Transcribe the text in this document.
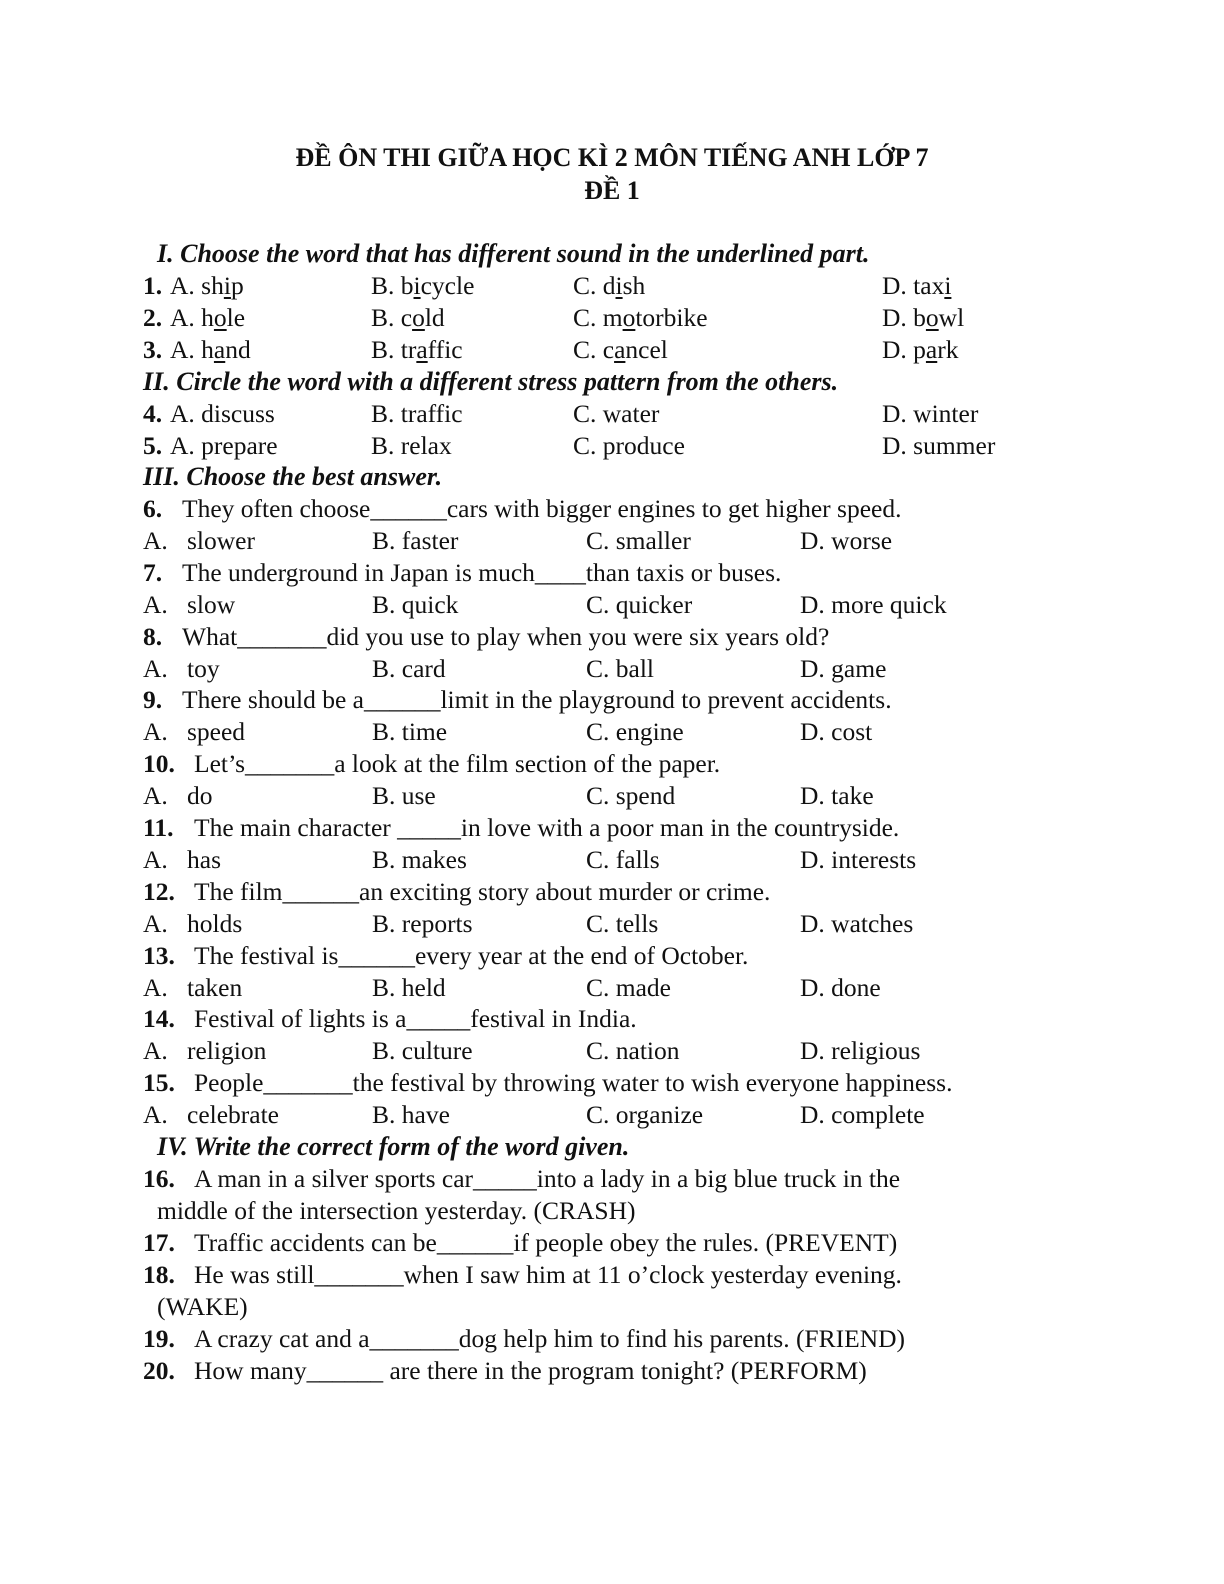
ĐỀ ÔN THI GIỮA HỌC KÌ 2 MÔN TIẾNG ANH LỚP 7
ĐỀ 1
I. Choose the word that has different sound in the underlined part.
1. A. ship	B. bicycle	C. dish	D. taxi
2. A. hole	B. cold	C. motorbike	D. bowl
3. A. hand	B. traffic	C. cancel	D. park
II. Circle the word with a different stress pattern from the others.
4. A. discuss	B. traffic	C. water	D. winter
5. A. prepare	B. relax	C. produce	D. summer
III. Choose the best answer.
6. They often choose______cars with bigger engines to get higher speed.
A. slower	B. faster	C. smaller	D. worse
7. The underground in Japan is much____than taxis or buses.
A. slow	B. quick	C. quicker	D. more quick
8. What_______did you use to play when you were six years old?
A. toy	B. card	C. ball	D. game
9. There should be a______limit in the playground to prevent accidents.
A. speed	B. time	C. engine	D. cost
10. Let’s_______a look at the film section of the paper.
A. do	B. use	C. spend	D. take
11. The main character _____in love with a poor man in the countryside.
A. has	B. makes	C. falls	D. interests
12. The film______an exciting story about murder or crime.
A. holds	B. reports	C. tells	D. watches
13. The festival is______every year at the end of October.
A. taken	B. held	C. made	D. done
14. Festival of lights is a_____festival in India.
A. religion	B. culture	C. nation	D. religious
15. People_______the festival by throwing water to wish everyone happiness.
A. celebrate	B. have	C. organize	D. complete
IV. Write the correct form of the word given.
16. A man in a silver sports car_____into a lady in a big blue truck in the
middle of the intersection yesterday. (CRASH)
17. Traffic accidents can be______if people obey the rules. (PREVENT)
18. He was still_______when I saw him at 11 o’clock yesterday evening.
(WAKE)
19. A crazy cat and a_______dog help him to find his parents. (FRIEND)
20. How many______ are there in the program tonight? (PERFORM)
